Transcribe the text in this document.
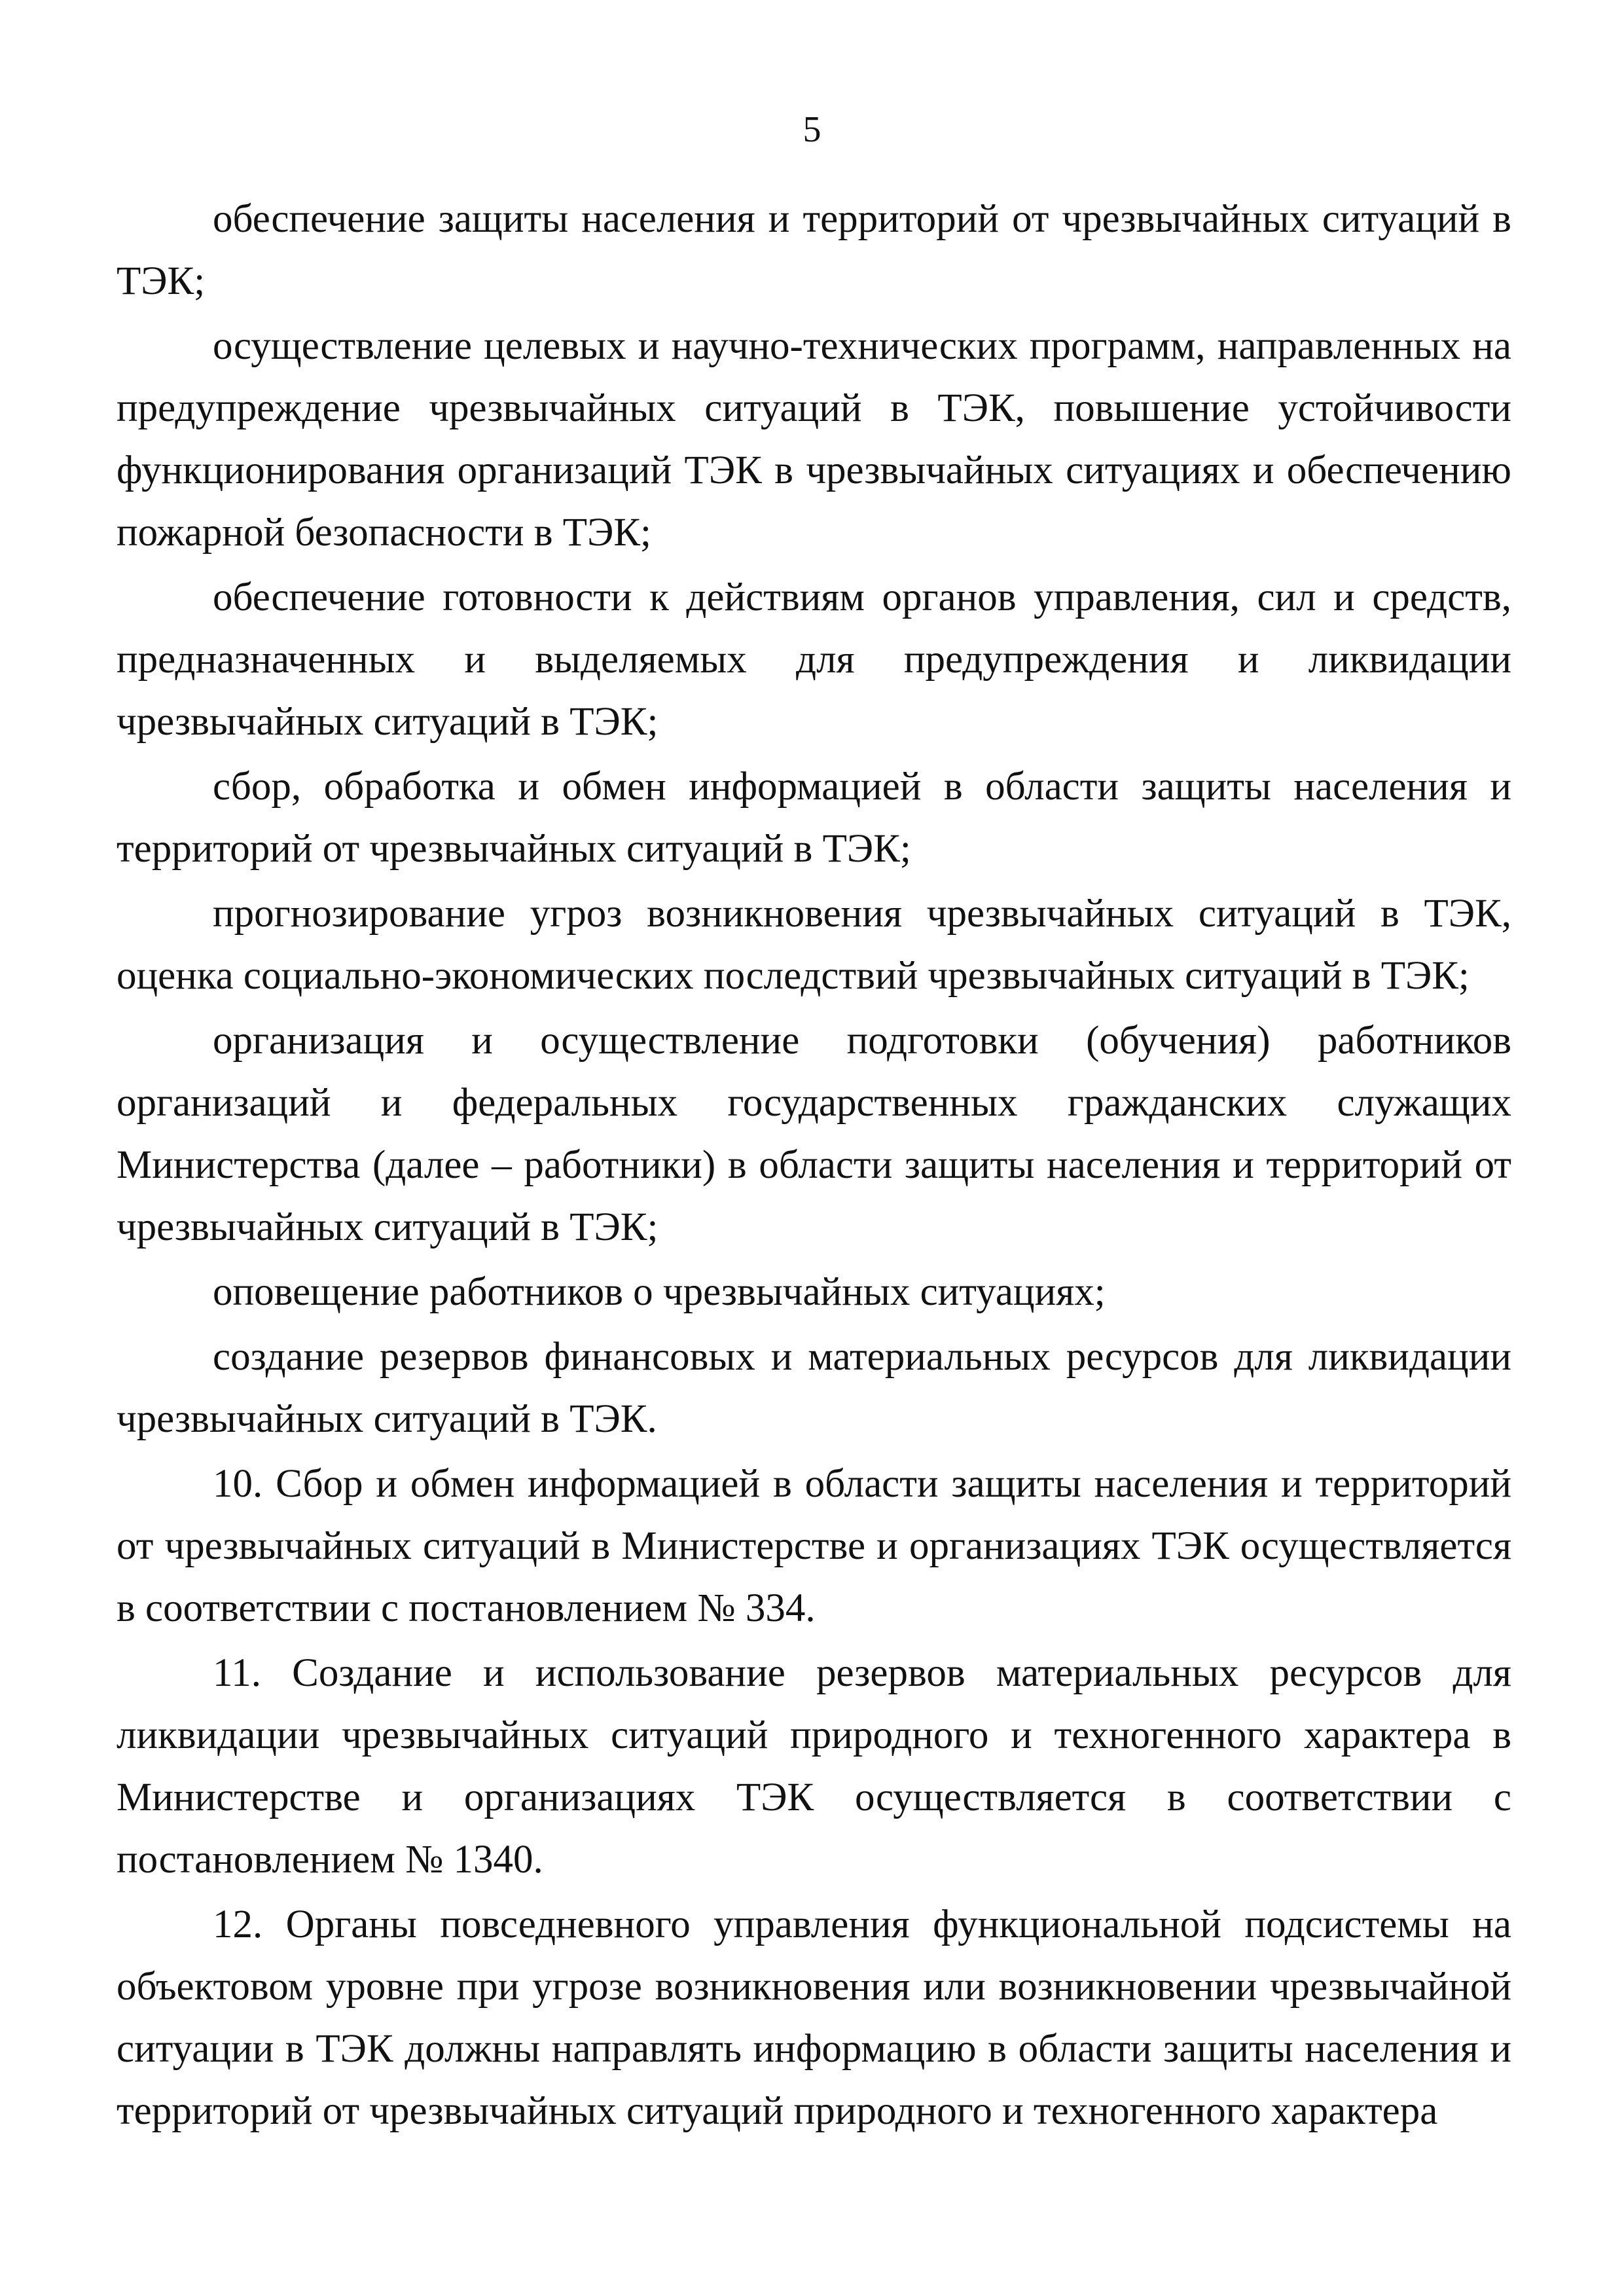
5

обеспечение защиты населения и территорий от чрезвычайных ситуаций в ТЭК;

осуществление целевых и научно-технических программ, направленных на предупреждение чрезвычайных ситуаций в ТЭК, повышение устойчивости функционирования организаций ТЭК в чрезвычайных ситуациях и обеспечению пожарной безопасности в ТЭК;

обеспечение готовности к действиям органов управления, сил и средств, предназначенных и выделяемых для предупреждения и ликвидации чрезвычайных ситуаций в ТЭК;

сбор, обработка и обмен информацией в области защиты населения и территорий от чрезвычайных ситуаций в ТЭК;

прогнозирование угроз возникновения чрезвычайных ситуаций в ТЭК, оценка социально-экономических последствий чрезвычайных ситуаций в ТЭК;

организация и осуществление подготовки (обучения) работников организаций и федеральных государственных гражданских служащих Министерства (далее – работники) в области защиты населения и территорий от чрезвычайных ситуаций в ТЭК;

оповещение работников о чрезвычайных ситуациях;

создание резервов финансовых и материальных ресурсов для ликвидации чрезвычайных ситуаций в ТЭК.

10. Сбор и обмен информацией в области защиты населения и территорий от чрезвычайных ситуаций в Министерстве и организациях ТЭК осуществляется в соответствии с постановлением № 334.

11. Создание и использование резервов материальных ресурсов для ликвидации чрезвычайных ситуаций природного и техногенного характера в Министерстве и организациях ТЭК осуществляется в соответствии с постановлением № 1340.

12. Органы повседневного управления функциональной подсистемы на объектовом уровне при угрозе возникновения или возникновении чрезвычайной ситуации в ТЭК должны направлять информацию в области защиты населения и территорий от чрезвычайных ситуаций природного и техногенного характера
